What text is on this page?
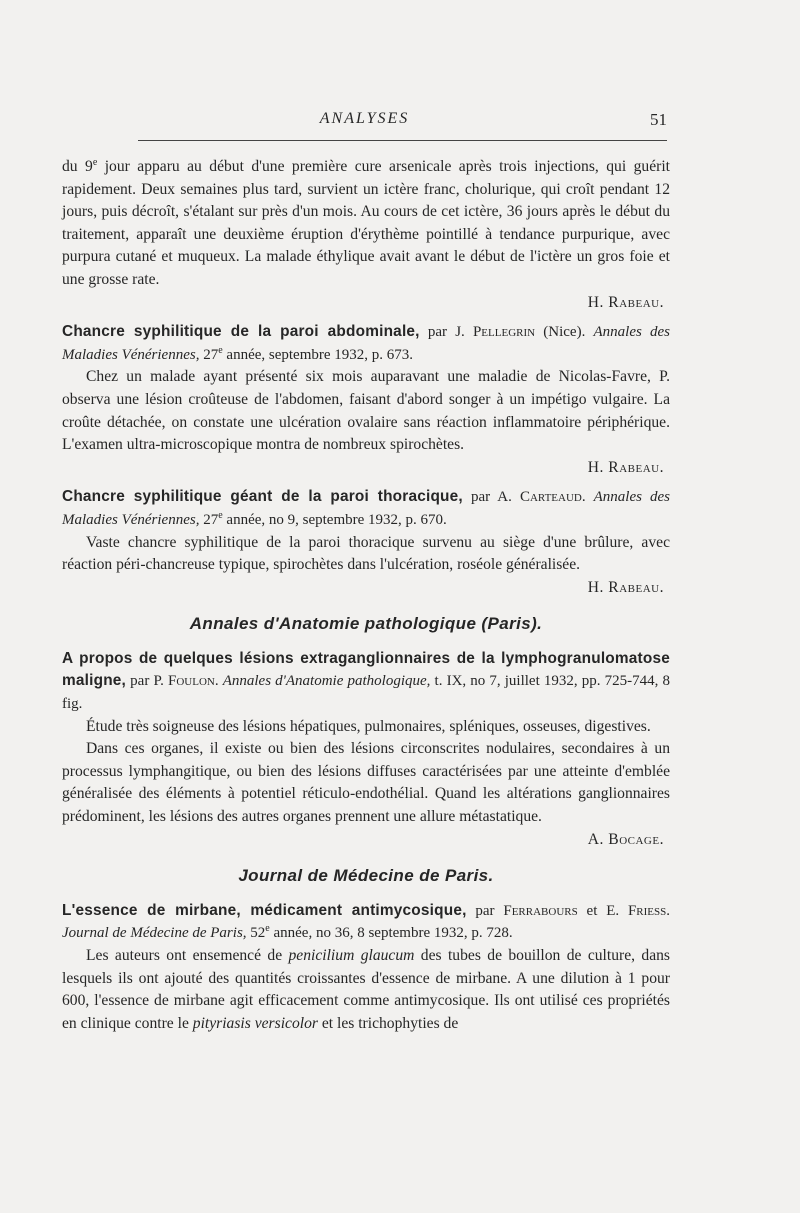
ANALYSES	51

du 9e jour apparu au début d'une première cure arsenicale après trois injections, qui guérit rapidement. Deux semaines plus tard, survient un ictère franc, cholurique, qui croît pendant 12 jours, puis décroît, s'étalant sur près d'un mois. Au cours de cet ictère, 36 jours après le début du traitement, apparaît une deuxième éruption d'érythème pointillé à tendance purpurique, avec purpura cutané et muqueux. La malade éthylique avait avant le début de l'ictère un gros foie et une grosse rate.

H. Rabeau.

Chancre syphilitique de la paroi abdominale, par J. Pellegrin (Nice). Annales des Maladies Vénériennes, 27e année, septembre 1932, p. 673.

Chez un malade ayant présenté six mois auparavant une maladie de Nicolas-Favre, P. observa une lésion croûteuse de l'abdomen, faisant d'abord songer à un impétigo vulgaire. La croûte détachée, on constate une ulcération ovalaire sans réaction inflammatoire périphérique. L'examen ultra-microscopique montra de nombreux spirochètes.

H. Rabeau.

Chancre syphilitique géant de la paroi thoracique, par A. Carteaud. Annales des Maladies Vénériennes, 27e année, no 9, septembre 1932, p. 670.

Vaste chancre syphilitique de la paroi thoracique survenu au siège d'une brûlure, avec réaction péri-chancreuse typique, spirochètes dans l'ulcération, roséole généralisée.

H. Rabeau.

Annales d'Anatomie pathologique (Paris).

A propos de quelques lésions extraganglionnaires de la lymphogranulomatose maligne, par P. Foulon. Annales d'Anatomie pathologique, t. IX, no 7, juillet 1932, pp. 725-744, 8 fig.

Étude très soigneuse des lésions hépatiques, pulmonaires, spléniques, osseuses, digestives.

Dans ces organes, il existe ou bien des lésions circonscrites nodulaires, secondaires à un processus lymphangitique, ou bien des lésions diffuses caractérisées par une atteinte d'emblée généralisée des éléments à potentiel réticulo-endothélial. Quand les altérations ganglionnaires prédominent, les lésions des autres organes prennent une allure métastatique.

A. Bocage.

Journal de Médecine de Paris.

L'essence de mirbane, médicament antimycosique, par Ferrabours et E. Friess. Journal de Médecine de Paris, 52e année, no 36, 8 septembre 1932, p. 728.

Les auteurs ont ensemencé de penicilium glaucum des tubes de bouillon de culture, dans lesquels ils ont ajouté des quantités croissantes d'essence de mirbane. A une dilution à 1 pour 600, l'essence de mirbane agit efficacement comme antimycosique. Ils ont utilisé ces propriétés en clinique contre le pityriasis versicolor et les trichophyties de
